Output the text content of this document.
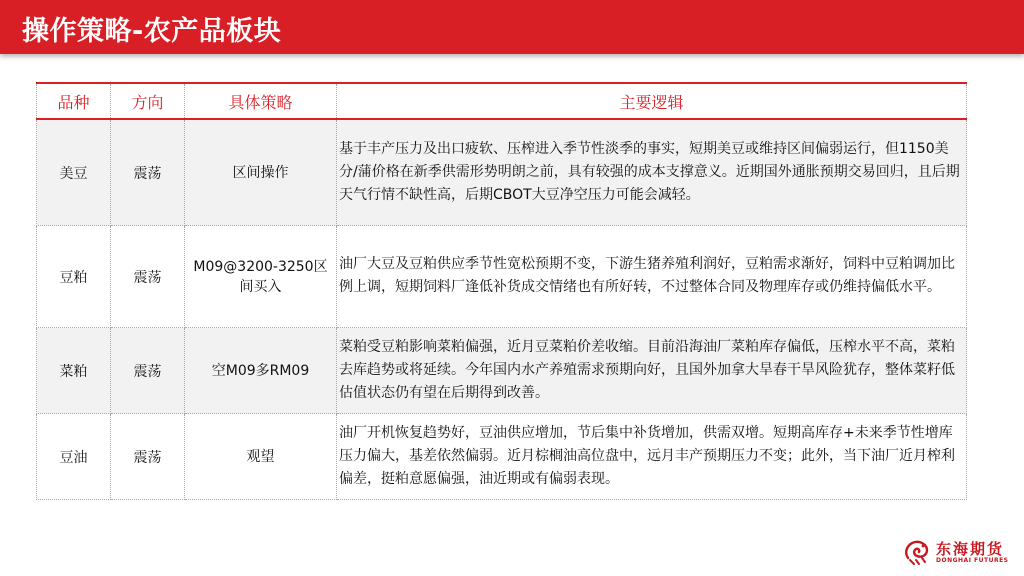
操作策略-农产品板块
品种	方向	具体策略	主要逻辑
美豆	震荡	区间操作	基于丰产压力及出口疲软、压榨进入季节性淡季的事实，短期美豆或维持区间偏弱运行，但1150美分/蒲价格在新季供需形势明朗之前，具有较强的成本支撑意义。近期国外通胀预期交易回归，且后期天气行情不缺性高，后期CBOT大豆净空压力可能会减轻。
豆粕	震荡	M09@3200-3250区间买入	油厂大豆及豆粕供应季节性宽松预期不变，下游生猪养殖利润好，豆粕需求渐好，饲料中豆粕调加比例上调，短期饲料厂逢低补货成交情绪也有所好转，不过整体合同及物理库存或仍维持偏低水平。
菜粕	震荡	空M09多RM09	菜粕受豆粕影响菜粕偏强，近月豆菜粕价差收缩。目前沿海油厂菜粕库存偏低，压榨水平不高，菜粕去库趋势或将延续。今年国内水产养殖需求预期向好，且国外加拿大旱春干旱风险犹存，整体菜籽低估值状态仍有望在后期得到改善。
豆油	震荡	观望	油厂开机恢复趋势好，豆油供应增加，节后集中补货增加，供需双增。短期高库存+未来季节性增库压力偏大，基差依然偏弱。近月棕榈油高位盘中，远月丰产预期压力不变；此外，当下油厂近月榨利偏差，挺粕意愿偏强，油近期或有偏弱表现。
东海期货
DONGHAI FUTURES
